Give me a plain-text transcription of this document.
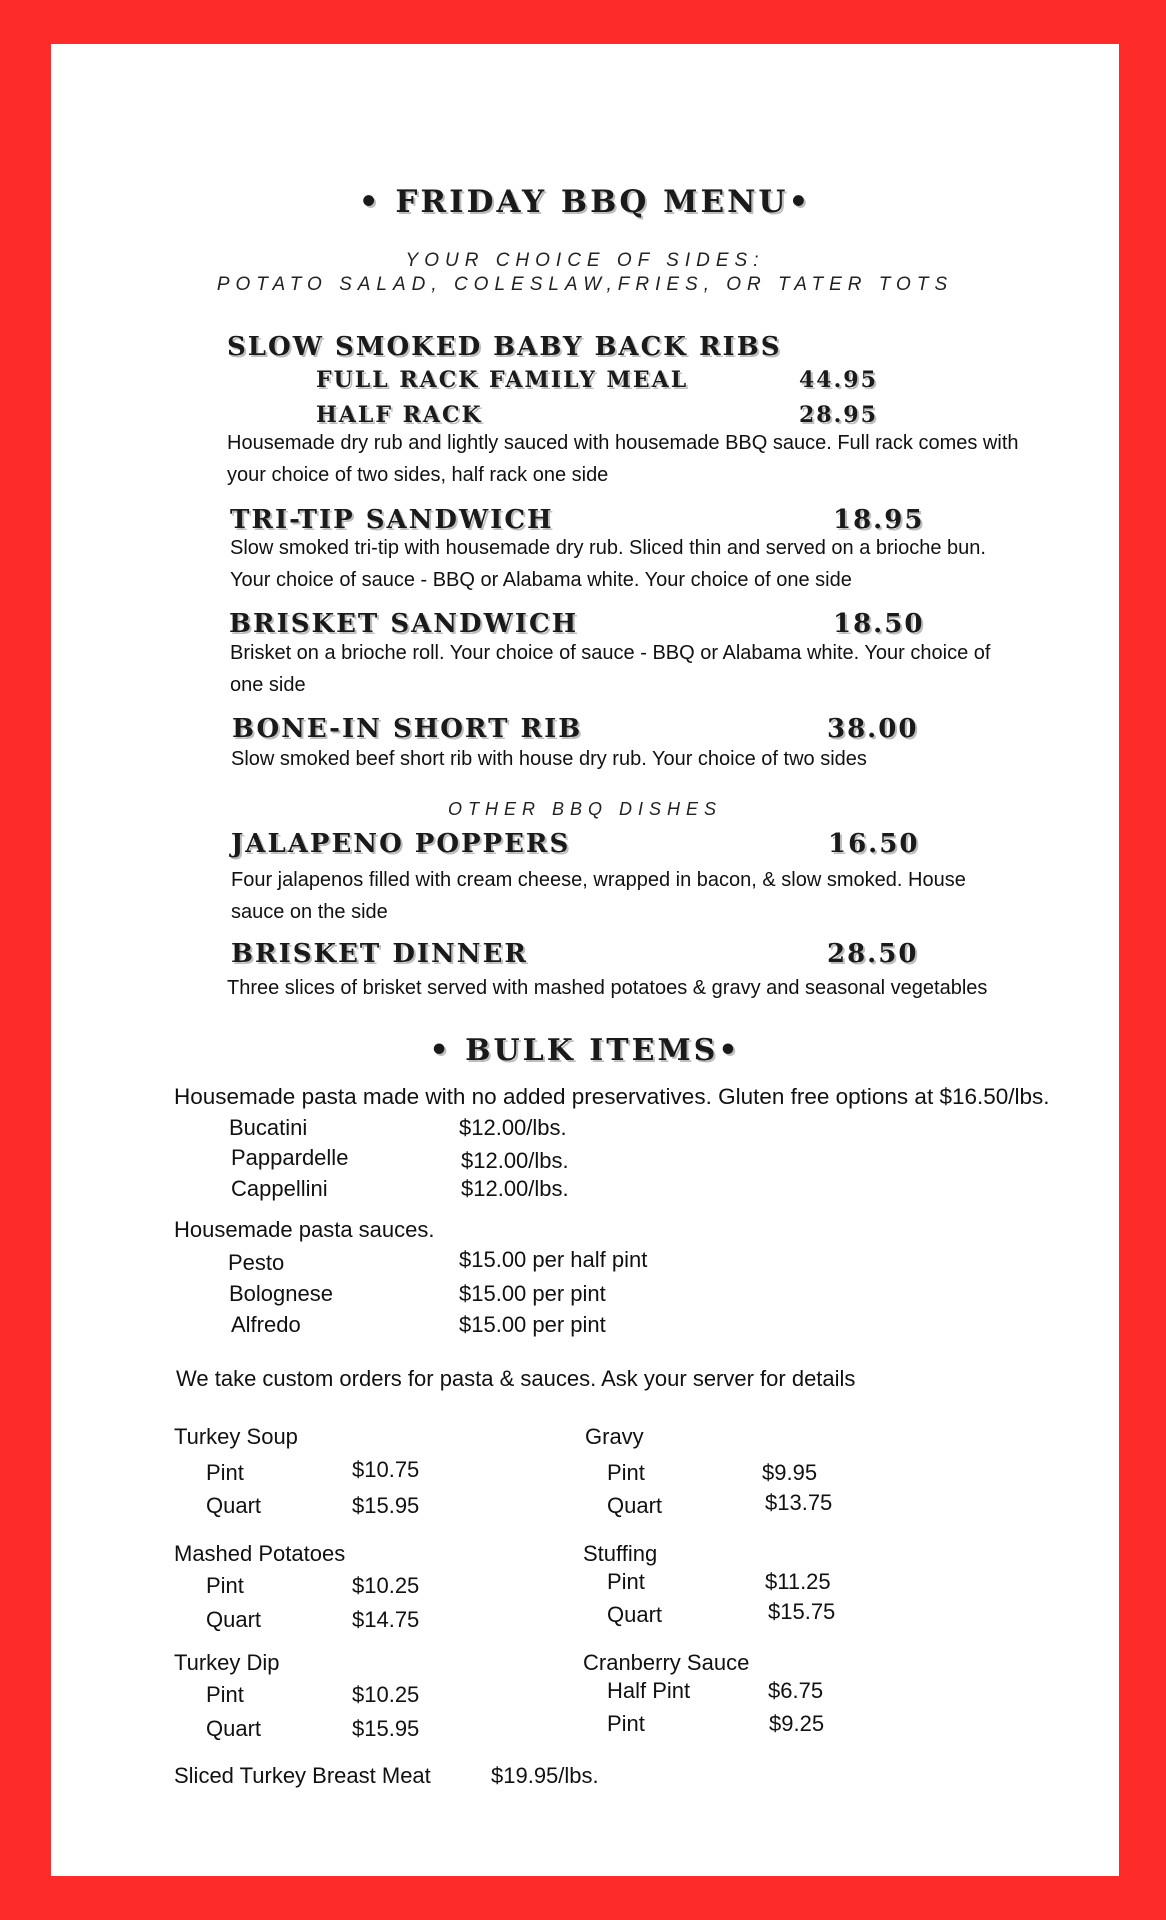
• FRIDAY BBQ MENU•
YOUR CHOICE OF SIDES:
POTATO SALAD, COLESLAW,FRIES, OR TATER TOTS
SLOW SMOKED BABY BACK RIBS
FULL RACK FAMILY MEAL	44.95
HALF RACK	28.95
Housemade dry rub and lightly sauced with housemade BBQ sauce. Full rack comes with your choice of two sides, half rack one side
TRI-TIP SANDWICH	18.95
Slow smoked tri-tip with housemade dry rub. Sliced thin and served on a brioche bun. Your choice of sauce - BBQ or Alabama white. Your choice of one side
BRISKET SANDWICH	18.50
Brisket on a brioche roll. Your choice of sauce - BBQ or Alabama white. Your choice of one side
BONE-IN SHORT RIB	38.00
Slow smoked beef short rib with house dry rub. Your choice of two sides
OTHER BBQ DISHES
JALAPENO POPPERS	16.50
Four jalapenos filled with cream cheese, wrapped in bacon, & slow smoked. House sauce on the side
BRISKET DINNER	28.50
Three slices of brisket served with mashed potatoes & gravy and seasonal vegetables
• BULK ITEMS•
Housemade pasta made with no added preservatives. Gluten free options at $16.50/lbs.
Bucatini	$12.00/lbs.
Pappardelle	$12.00/lbs.
Cappellini	$12.00/lbs.
Housemade pasta sauces.
Pesto	$15.00 per half pint
Bolognese	$15.00 per pint
Alfredo	$15.00 per pint
We take custom orders for pasta & sauces. Ask your server for details
Turkey Soup
Pint	$10.75
Quart	$15.95
Mashed Potatoes
Pint	$10.25
Quart	$14.75
Turkey Dip
Pint	$10.25
Quart	$15.95
Gravy
Pint	$9.95
Quart	$13.75
Stuffing
Pint	$11.25
Quart	$15.75
Cranberry Sauce
Half Pint	$6.75
Pint	$9.25
Sliced Turkey Breast Meat	$19.95/lbs.
